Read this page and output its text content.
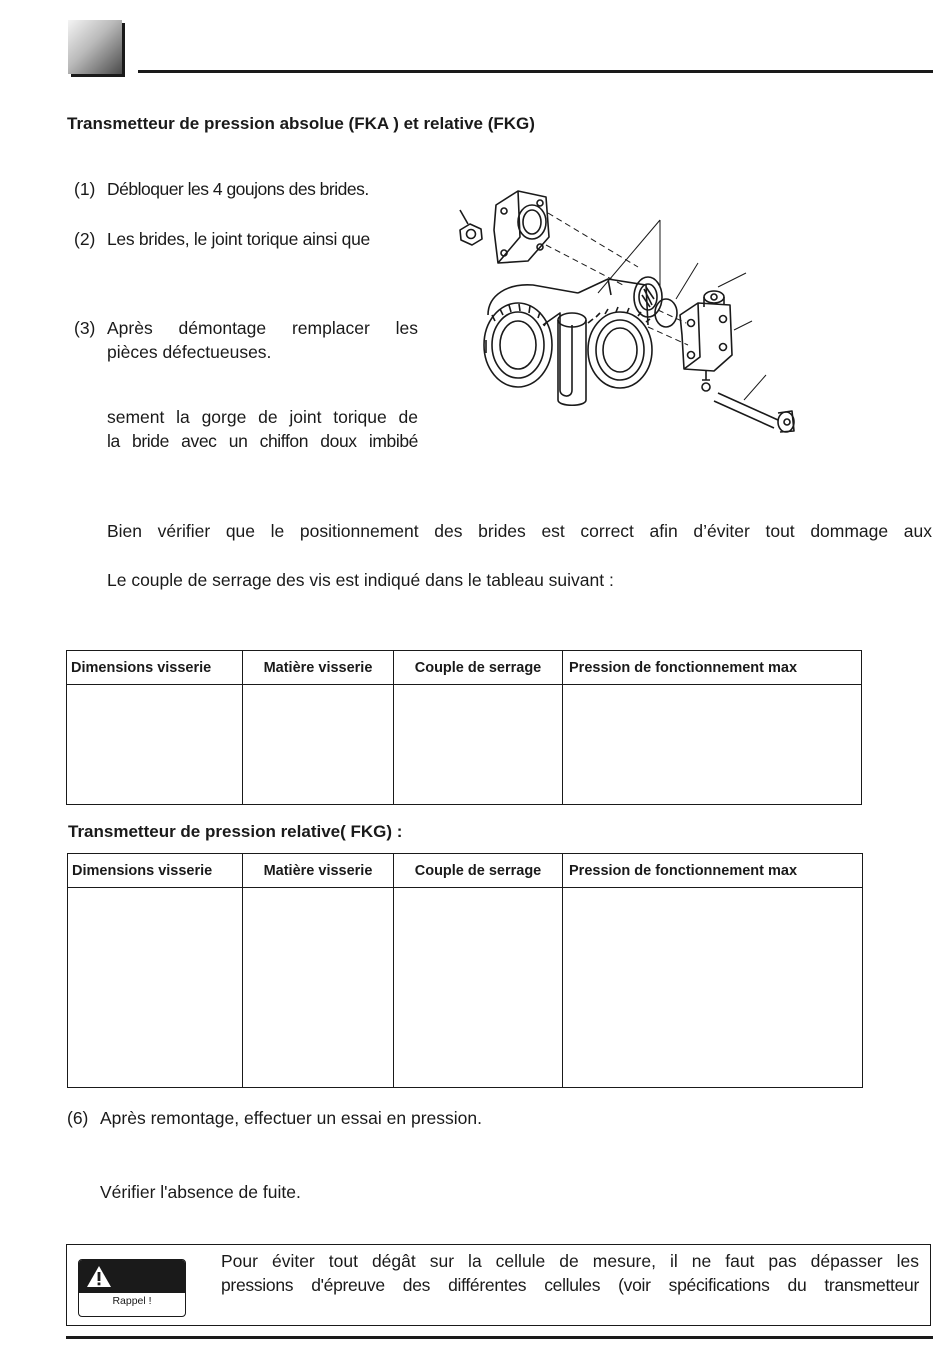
Transmetteur de pression absolue (FKA ) et relative (FKG)
(1) Débloquer les 4 goujons des brides.
(2) Les brides, le joint torique ainsi que
(3) Après démontage remplacer les
pièces défectueuses.
sement la gorge de joint torique de
la bride avec un chiffon doux imbibé
Bien vérifier que le positionnement des brides est correct afin d’éviter tout dommage aux
Le couple de serrage des vis est indiqué dans le tableau suivant :
Dimensions visserie	Matière visserie	Couple de serrage	Pression de fonctionnement max

Transmetteur de pression relative( FKG) :
Dimensions visserie	Matière visserie	Couple de serrage	Pression de fonctionnement max

(6) Après remontage, effectuer un essai en pression.
Vérifier l'absence de fuite.
Rappel !
Pour éviter tout dégât sur la cellule de mesure, il ne faut pas dépasser les
pressions d'épreuve des différentes cellules (voir spécifications du transmetteur
